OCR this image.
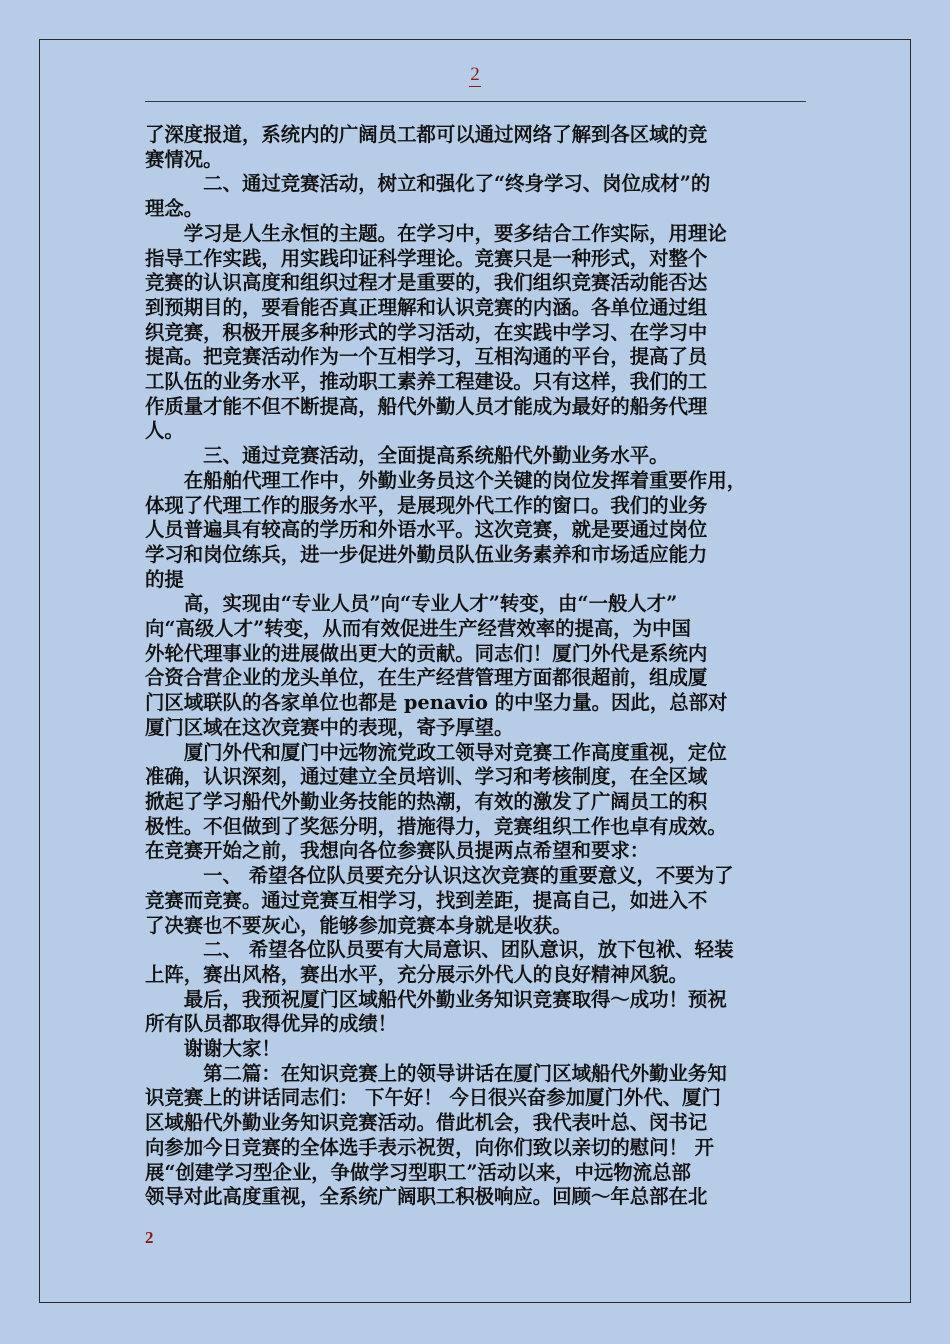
2

了深度报道，系统内的广阔员工都可以通过网络了解到各区域的竞

赛情况。

　　　二、通过竞赛活动，树立和强化了“终身学习、岗位成材”的

理念。

　　学习是人生永恒的主题。在学习中，要多结合工作实际，用理论

指导工作实践，用实践印证科学理论。竞赛只是一种形式，对整个

竞赛的认识高度和组织过程才是重要的，我们组织竞赛活动能否达

到预期目的，要看能否真正理解和认识竞赛的内涵。各单位通过组

织竞赛，积极开展多种形式的学习活动，在实践中学习、在学习中

提高。把竞赛活动作为一个互相学习，互相沟通的平台，提高了员

工队伍的业务水平，推动职工素养工程建设。只有这样，我们的工

作质量才能不但不断提高，船代外勤人员才能成为最好的船务代理

人。

　　　三、通过竞赛活动，全面提高系统船代外勤业务水平。

　　在船舶代理工作中，外勤业务员这个关键的岗位发挥着重要作用，

体现了代理工作的服务水平，是展现外代工作的窗口。我们的业务

人员普遍具有较高的学历和外语水平。这次竞赛，就是要通过岗位

学习和岗位练兵，进一步促进外勤员队伍业务素养和市场适应能力

的提

　　高，实现由“专业人员”向“专业人才”转变，由“一般人才”

向“高级人才”转变，从而有效促进生产经营效率的提高，为中国

外轮代理事业的进展做出更大的贡献。同志们！厦门外代是系统内

合资合营企业的龙头单位，在生产经营管理方面都很超前，组成厦

门区域联队的各家单位也都是 penavio 的中坚力量。因此，总部对

厦门区域在这次竞赛中的表现，寄予厚望。

　　厦门外代和厦门中远物流党政工领导对竞赛工作高度重视，定位

准确，认识深刻，通过建立全员培训、学习和考核制度，在全区域

掀起了学习船代外勤业务技能的热潮，有效的激发了广阔员工的积

极性。不但做到了奖惩分明，措施得力，竞赛组织工作也卓有成效。

在竞赛开始之前，我想向各位参赛队员提两点希望和要求：

　　　一、 希望各位队员要充分认识这次竞赛的重要意义，不要为了

竞赛而竞赛。通过竞赛互相学习，找到差距，提高自己，如进入不

了决赛也不要灰心，能够参加竞赛本身就是收获。

　　　二、 希望各位队员要有大局意识、团队意识，放下包袱、轻装

上阵，赛出风格，赛出水平，充分展示外代人的良好精神风貌。

　　最后，我预祝厦门区域船代外勤业务知识竞赛取得～成功！预祝

所有队员都取得优异的成绩！

　　谢谢大家！

　　　第二篇：在知识竞赛上的领导讲话在厦门区域船代外勤业务知

识竞赛上的讲话同志们： 下午好！ 今日很兴奋参加厦门外代、厦门

区域船代外勤业务知识竞赛活动。借此机会，我代表叶总、闵书记

向参加今日竞赛的全体选手表示祝贺，向你们致以亲切的慰问！ 开

展“创建学习型企业，争做学习型职工”活动以来，中远物流总部

领导对此高度重视，全系统广阔职工积极响应。回顾～年总部在北

2
